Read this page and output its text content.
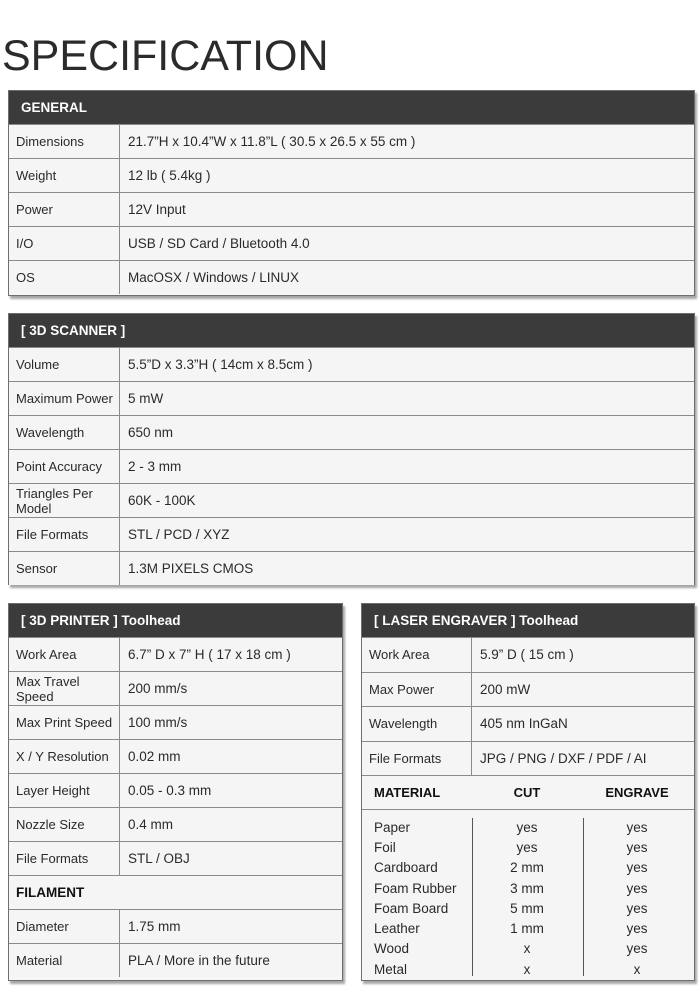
SPECIFICATION
GENERAL
Dimensions	21.7”H x 10.4”W x 11.8”L ( 30.5 x 26.5 x 55 cm )
Weight	12 lb ( 5.4kg )
Power	12V Input
I/O	USB / SD Card / Bluetooth 4.0
OS	MacOSX / Windows / LINUX
[ 3D SCANNER ]
Volume	5.5”D x 3.3”H ( 14cm x 8.5cm )
Maximum Power	5 mW
Wavelength	650 nm
Point Accuracy	2 - 3 mm
Triangles Per Model	60K - 100K
File Formats	STL / PCD / XYZ
Sensor	1.3M PIXELS CMOS
[ 3D PRINTER ] Toolhead
Work Area	6.7” D x 7” H ( 17 x 18 cm )
Max Travel Speed	200 mm/s
Max Print Speed	100 mm/s
X / Y Resolution	0.02 mm
Layer Height	0.05 - 0.3 mm
Nozzle Size	0.4 mm
File Formats	STL / OBJ
FILAMENT
Diameter	1.75 mm
Material	PLA / More in the future
[ LASER ENGRAVER ] Toolhead
Work Area	5.9” D ( 15 cm )
Max Power	200 mW
Wavelength	405 nm InGaN
File Formats	JPG / PNG / DXF / PDF / AI
MATERIAL	CUT	ENGRAVE
Paper	yes	yes
Foil	yes	yes
Cardboard	2 mm	yes
Foam Rubber	3 mm	yes
Foam Board	5 mm	yes
Leather	1 mm	yes
Wood	x	yes
Metal	x	x
